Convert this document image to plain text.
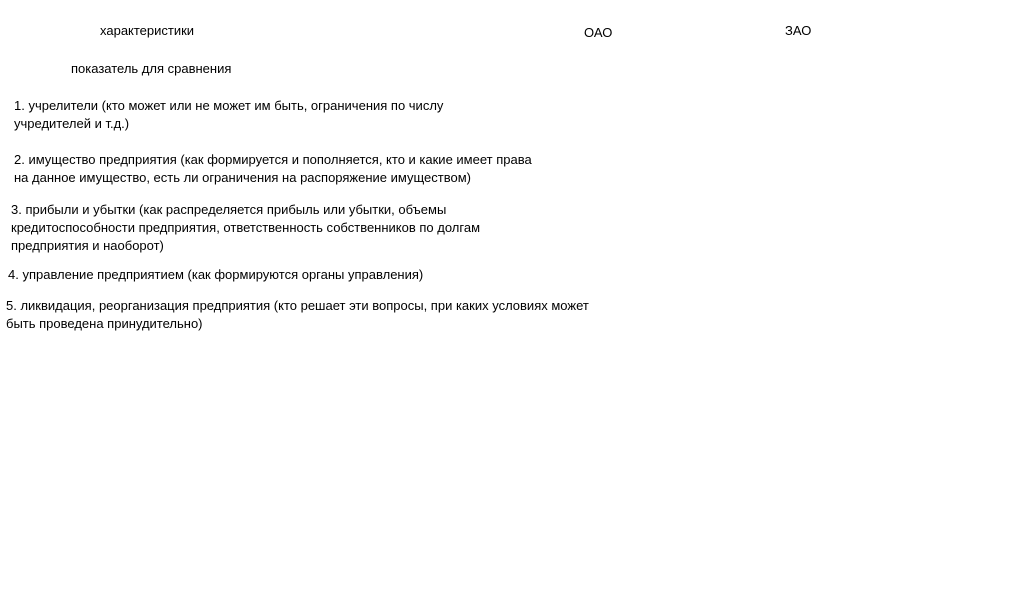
характеристики	ОАО	ЗАО
показатель для сравнения
1. учрелители (кто может или не может им быть, ограничения по числу
учредителей и т.д.)
2. имущество предприятия (как формируется и пополняется, кто и какие имеет права
на данное имущество, есть ли ограничения на распоряжение имуществом)
3. прибыли и убытки (как распределяется прибыль или убытки, объемы
кредитоспособности предприятия, ответственность собственников по долгам
предприятия и наоборот)
4. управление предприятием (как формируются органы управления)
5. ликвидация, реорганизация предприятия (кто решает эти вопросы, при каких условиях может
быть проведена принудительно)
